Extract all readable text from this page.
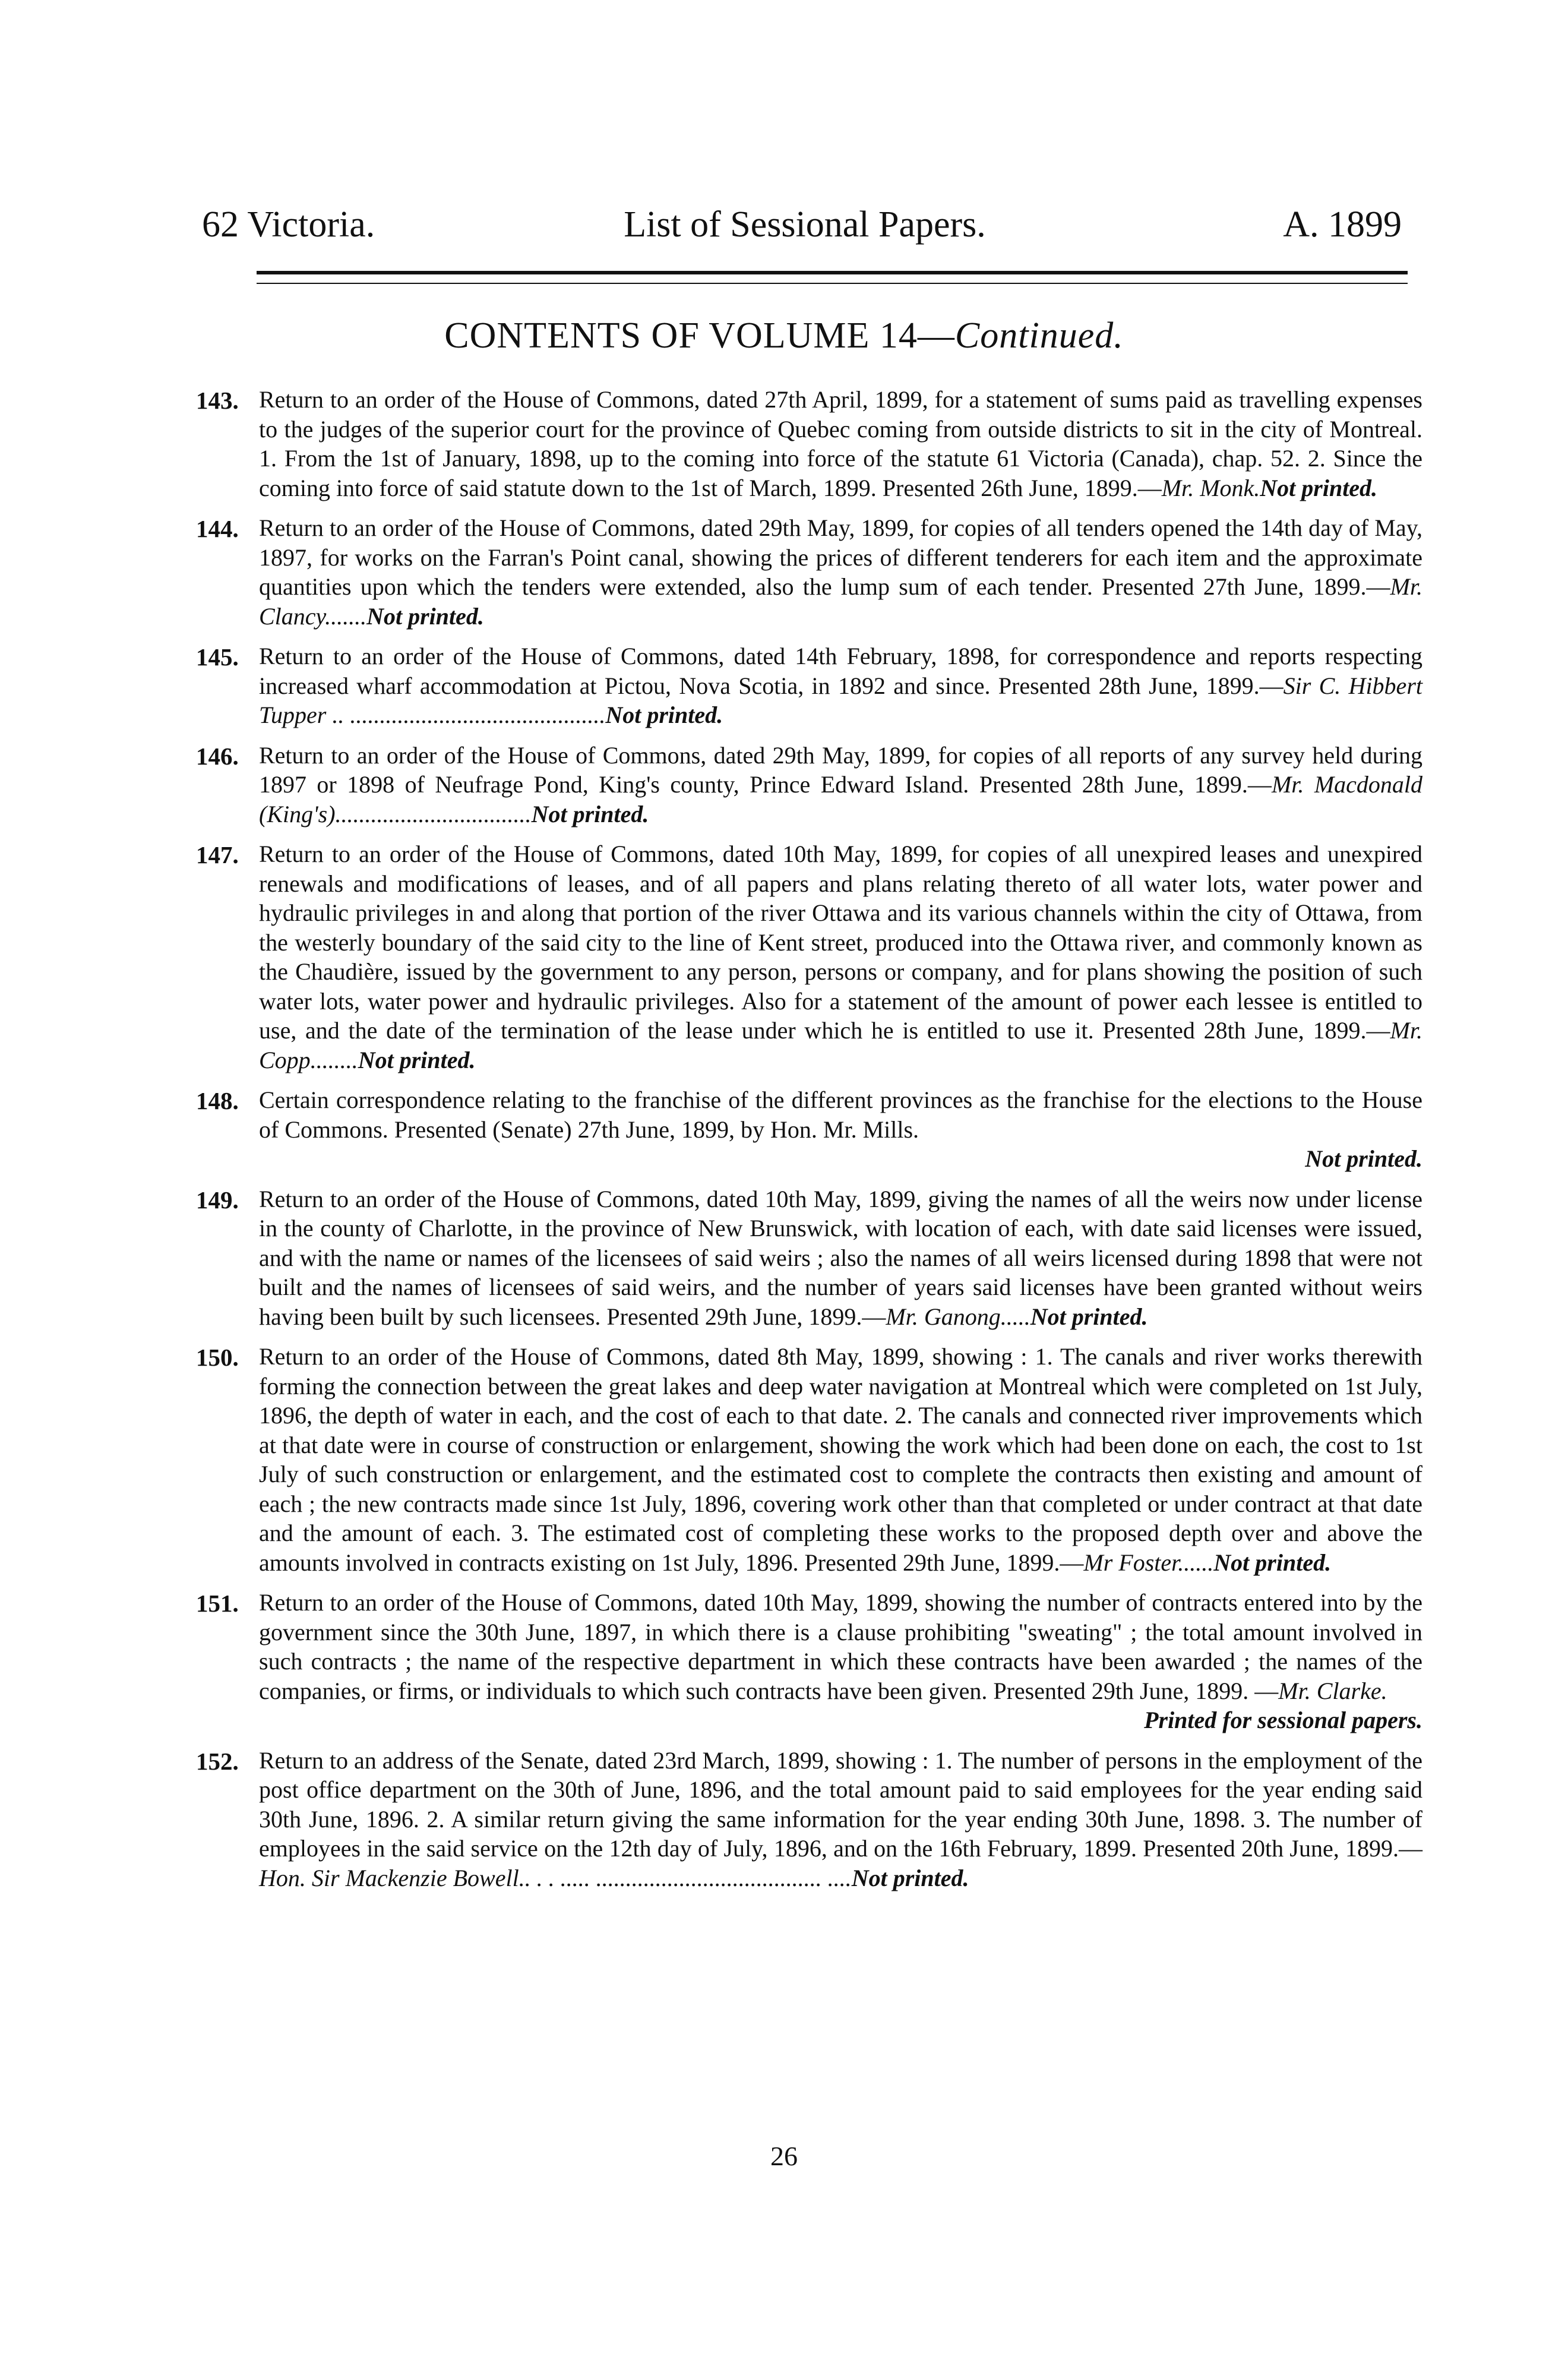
62 Victoria.	List of Sessional Papers.	A. 1899
CONTENTS OF VOLUME 14—Continued.
143. Return to an order of the House of Commons, dated 27th April, 1899, for a statement of sums paid as travelling expenses to the judges of the superior court for the province of Quebec coming from outside districts to sit in the city of Montreal. 1. From the 1st of January, 1898, up to the coming into force of the statute 61 Victoria (Canada), chap. 52. 2. Since the coming into force of said statute down to the 1st of March, 1899. Presented 26th June, 1899.—Mr. Monk.Not printed.
144. Return to an order of the House of Commons, dated 29th May, 1899, for copies of all tenders opened the 14th day of May, 1897, for works on the Farran's Point canal, showing the prices of different tenderers for each item and the approximate quantities upon which the tenders were extended, also the lump sum of each tender. Presented 27th June, 1899.—Mr. Clancy.......Not printed.
145. Return to an order of the House of Commons, dated 14th February, 1898, for correspondence and reports respecting increased wharf accommodation at Pictou, Nova Scotia, in 1892 and since. Presented 28th June, 1899.—Sir C. Hibbert Tupper .. ...........................................Not printed.
146. Return to an order of the House of Commons, dated 29th May, 1899, for copies of all reports of any survey held during 1897 or 1898 of Neufrage Pond, King's county, Prince Edward Island. Presented 28th June, 1899.—Mr. Macdonald (King's).................................Not printed.
147. Return to an order of the House of Commons, dated 10th May, 1899, for copies of all unexpired leases and unexpired renewals and modifications of leases, and of all papers and plans relating thereto of all water lots, water power and hydraulic privileges in and along that portion of the river Ottawa and its various channels within the city of Ottawa, from the westerly boundary of the said city to the line of Kent street, produced into the Ottawa river, and commonly known as the Chaudière, issued by the government to any person, persons or company, and for plans showing the position of such water lots, water power and hydraulic privileges. Also for a statement of the amount of power each lessee is entitled to use, and the date of the termination of the lease under which he is entitled to use it. Presented 28th June, 1899.—Mr. Copp........Not printed.
148. Certain correspondence relating to the franchise of the different provinces as the franchise for the elections to the House of Commons. Presented (Senate) 27th June, 1899, by Hon. Mr. Mills.
Not printed.
149. Return to an order of the House of Commons, dated 10th May, 1899, giving the names of all the weirs now under license in the county of Charlotte, in the province of New Brunswick, with location of each, with date said licenses were issued, and with the name or names of the licensees of said weirs ; also the names of all weirs licensed during 1898 that were not built and the names of licensees of said weirs, and the number of years said licenses have been granted without weirs having been built by such licensees. Presented 29th June, 1899.—Mr. Ganong.....Not printed.
150. Return to an order of the House of Commons, dated 8th May, 1899, showing : 1. The canals and river works therewith forming the connection between the great lakes and deep water navigation at Montreal which were completed on 1st July, 1896, the depth of water in each, and the cost of each to that date. 2. The canals and connected river improvements which at that date were in course of construction or enlargement, showing the work which had been done on each, the cost to 1st July of such construction or enlargement, and the estimated cost to complete the contracts then existing and amount of each ; the new contracts made since 1st July, 1896, covering work other than that completed or under contract at that date and the amount of each. 3. The estimated cost of completing these works to the proposed depth over and above the amounts involved in contracts existing on 1st July, 1896. Presented 29th June, 1899.—Mr Foster......Not printed.
151. Return to an order of the House of Commons, dated 10th May, 1899, showing the number of contracts entered into by the government since the 30th June, 1897, in which there is a clause prohibiting "sweating" ; the total amount involved in such contracts ; the name of the respective department in which these contracts have been awarded ; the names of the companies, or firms, or individuals to which such contracts have been given. Presented 29th June, 1899. —Mr. Clarke.
Printed for sessional papers.
152. Return to an address of the Senate, dated 23rd March, 1899, showing : 1. The number of persons in the employment of the post office department on the 30th of June, 1896, and the total amount paid to said employees for the year ending said 30th June, 1896. 2. A similar return giving the same information for the year ending 30th June, 1898. 3. The number of employees in the said service on the 12th day of July, 1896, and on the 16th February, 1899. Presented 20th June, 1899.—Hon. Sir Mackenzie Bowell.. . . ..... ...................................... ....Not printed.
26
